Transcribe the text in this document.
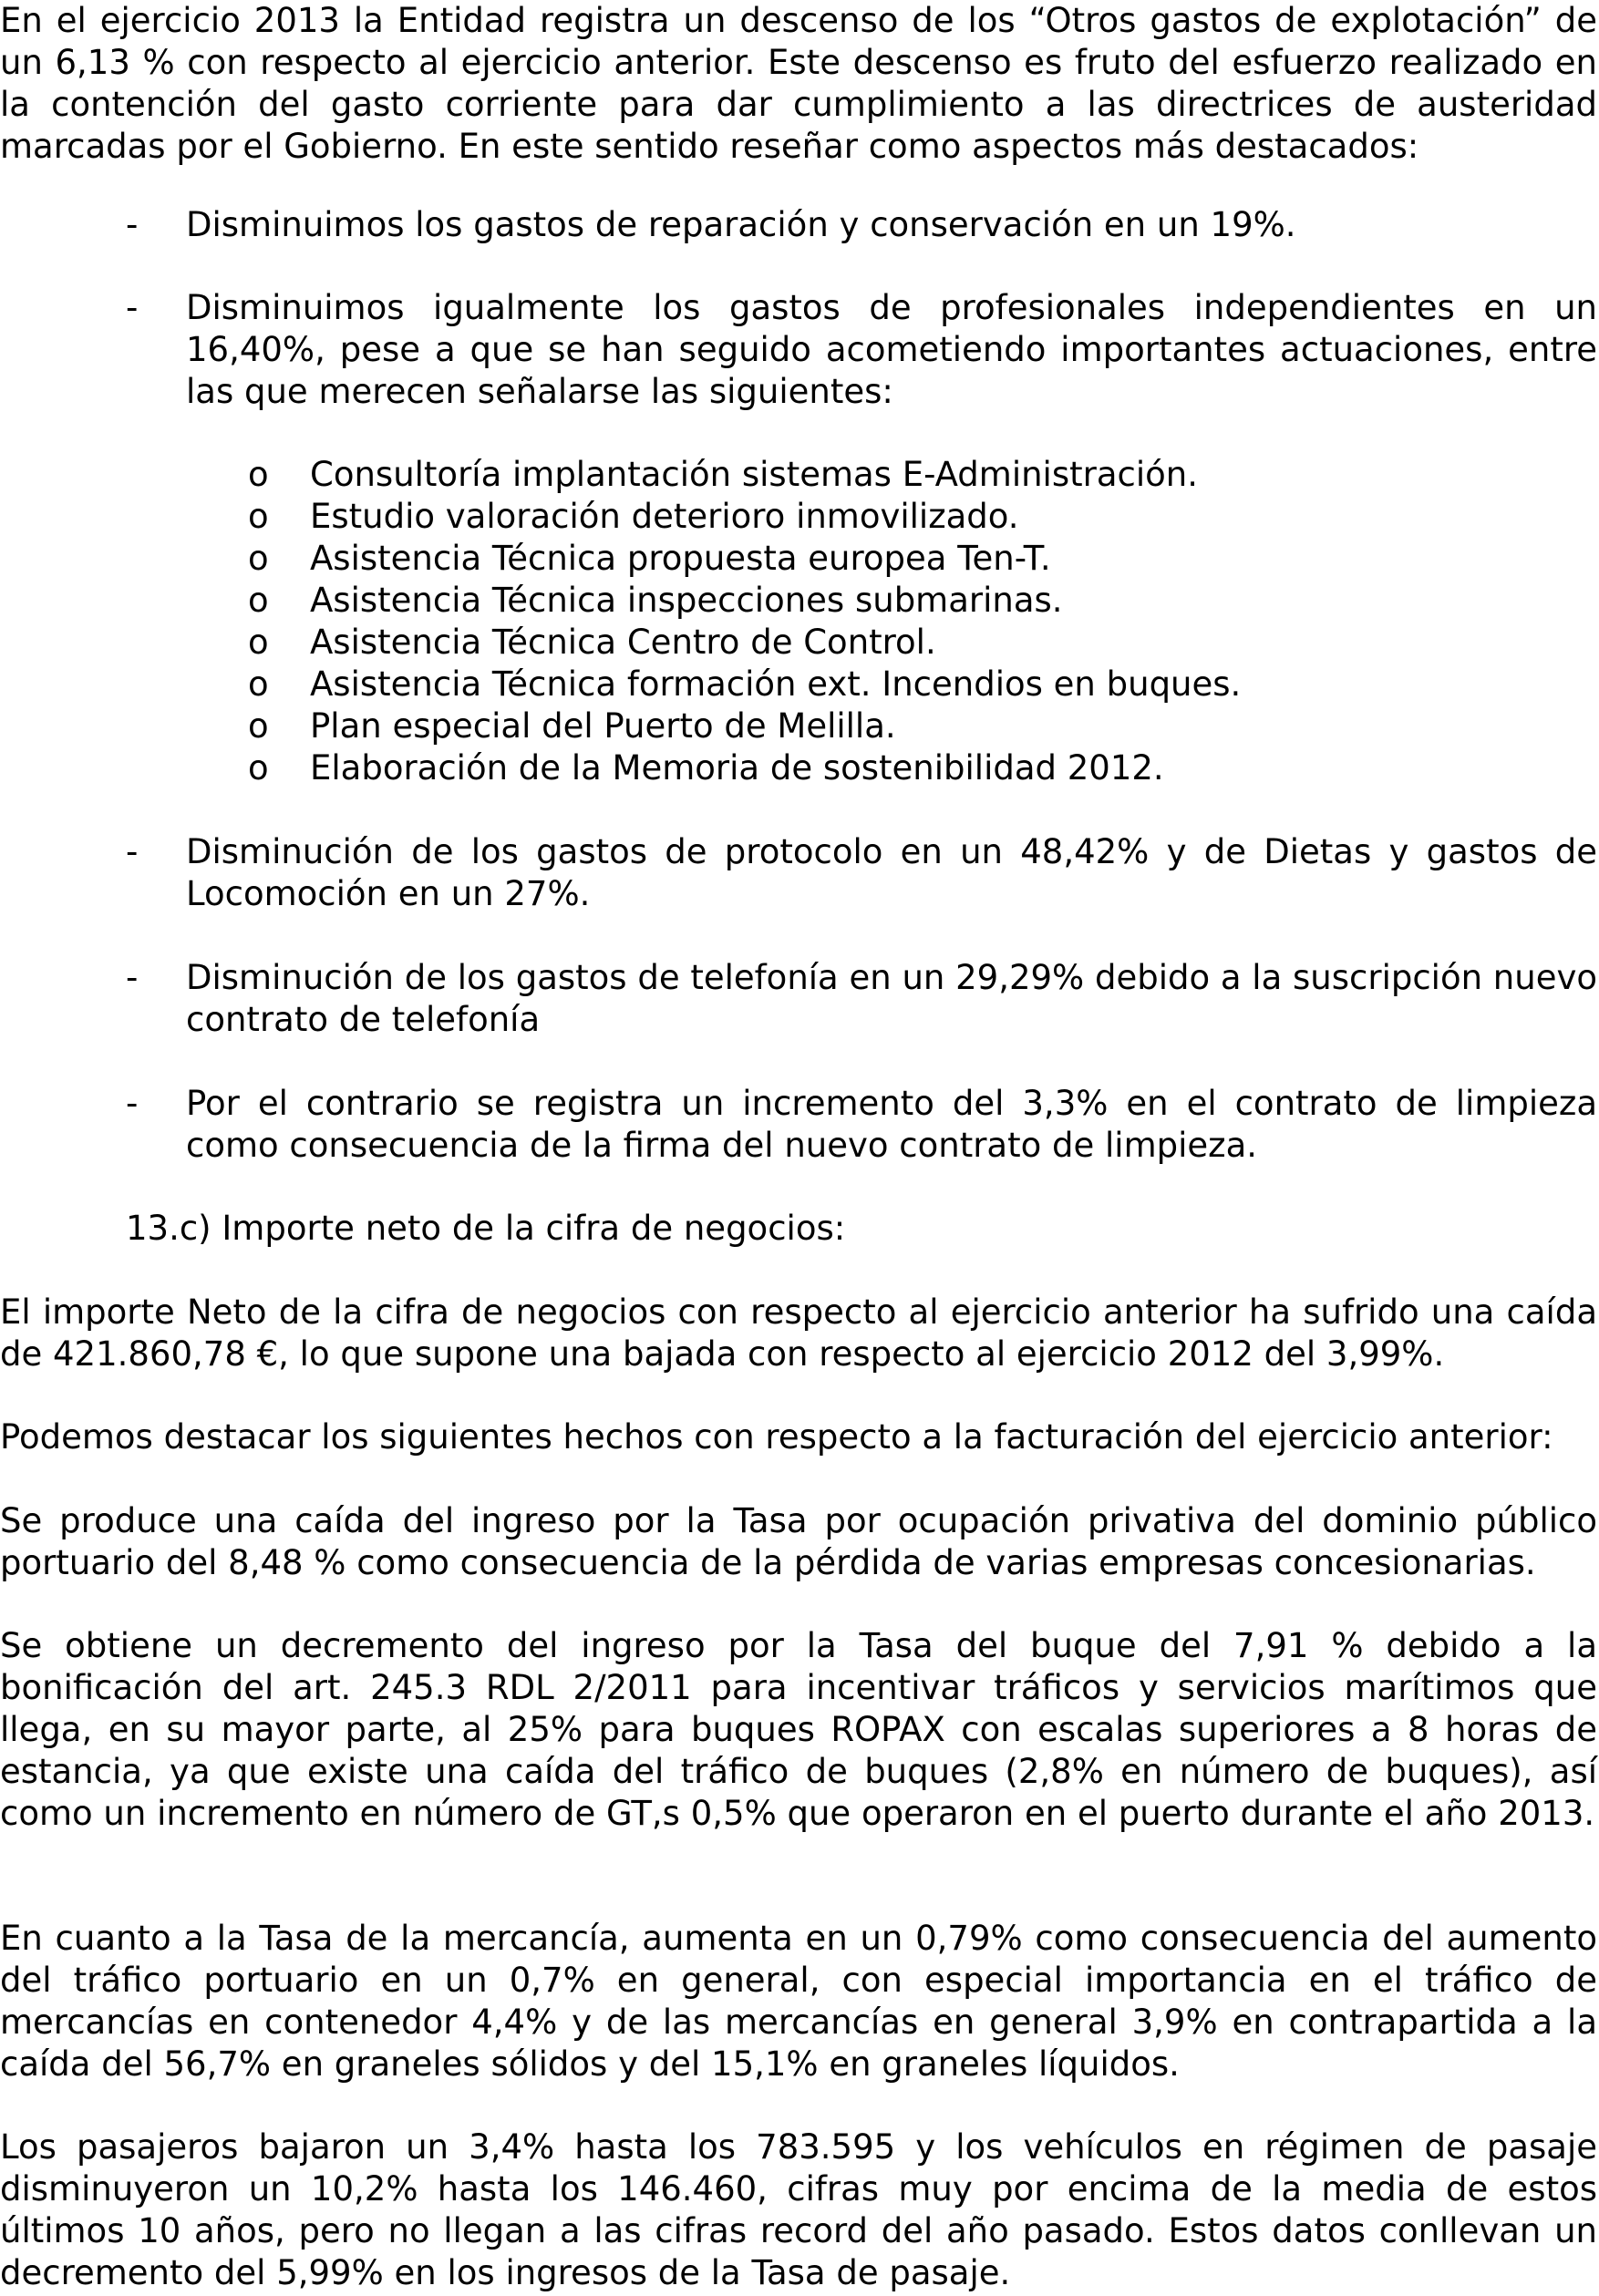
En el ejercicio 2013 la Entidad registra un descenso de los “Otros gastos de explotación” de un 6,13 % con respecto al ejercicio anterior. Este descenso es fruto del esfuerzo realizado en la contención del gasto corriente para dar cumplimiento a las directrices de austeridad marcadas por el Gobierno. En este sentido reseñar como aspectos más destacados:

- Disminuimos los gastos de reparación y conservación en un 19%.
- Disminuimos igualmente los gastos de profesionales independientes en un 16,40%, pese a que se han seguido acometiendo importantes actuaciones, entre las que merecen señalarse las siguientes:

o Consultoría implantación sistemas E-Administración.
o Estudio valoración deterioro inmovilizado.
o Asistencia Técnica propuesta europea Ten-T.
o Asistencia Técnica inspecciones submarinas.
o Asistencia Técnica Centro de Control.
o Asistencia Técnica formación ext. Incendios en buques.
o Plan especial del Puerto de Melilla.
o Elaboración de la Memoria de sostenibilidad 2012.
- Disminución de los gastos de protocolo en un 48,42% y de Dietas y gastos de Locomoción en un 27%.

- Disminución de los gastos de telefonía en un 29,29% debido a la suscripción nuevo contrato de telefonía

- Por el contrario se registra un incremento del 3,3% en el contrato de limpieza como consecuencia de la firma del nuevo contrato de limpieza.

13.c) Importe neto de la cifra de negocios:

El importe Neto de la cifra de negocios con respecto al ejercicio anterior ha sufrido una caída de 421.860,78 €, lo que supone una bajada con respecto al ejercicio 2012 del 3,99%.

Podemos destacar los siguientes hechos con respecto a la facturación del ejercicio anterior:

Se produce una caída del ingreso por la Tasa por ocupación privativa del dominio público portuario del 8,48 % como consecuencia de la pérdida de varias empresas concesionarias.

Se obtiene un decremento del ingreso por la Tasa del buque del 7,91 % debido a la bonificación del art. 245.3 RDL 2/2011 para incentivar tráficos y servicios marítimos que llega, en su mayor parte, al 25% para buques ROPAX con escalas superiores a 8 horas de estancia, ya que existe una caída del tráfico de buques (2,8% en número de buques), así como un incremento en número de GT,s 0,5% que operaron en el puerto durante el año 2013.

En cuanto a la Tasa de la mercancía, aumenta en un 0,79% como consecuencia del aumento del tráfico portuario en un 0,7% en general, con especial importancia en el tráfico de mercancías en contenedor 4,4% y de las mercancías en general 3,9% en contrapartida a la caída del 56,7% en graneles sólidos y del 15,1% en graneles líquidos.

Los pasajeros bajaron un 3,4% hasta los 783.595 y los vehículos en régimen de pasaje disminuyeron un 10,2% hasta los 146.460, cifras muy por encima de la media de estos últimos 10 años, pero no llegan a las cifras record del año pasado. Estos datos conllevan un decremento del 5,99% en los ingresos de la Tasa de pasaje.
